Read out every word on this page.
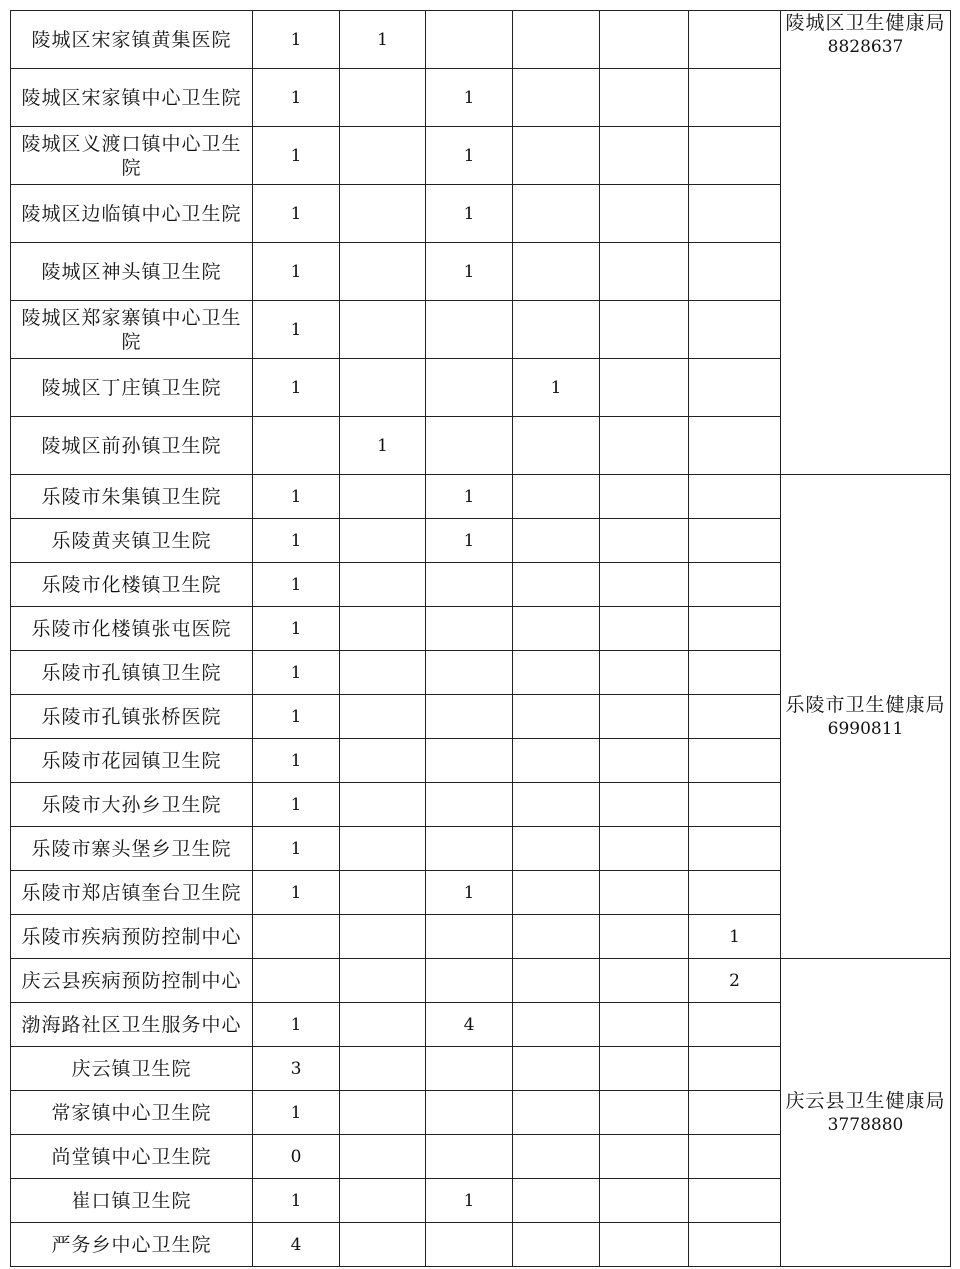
陵城区宋家镇黄集医院	1	1					陵城区卫生健康局
8828637

陵城区宋家镇中心卫生院	1		1				
陵城区义渡口镇中心卫生院	1		1				
陵城区边临镇中心卫生院	1		1				
陵城区神头镇卫生院	1		1				
陵城区郑家寨镇中心卫生院	1						
陵城区丁庄镇卫生院	1			1			
陵城区前孙镇卫生院		1					
乐陵市朱集镇卫生院	1		1				乐陵市卫生健康局
6990811

乐陵黄夹镇卫生院	1		1				
乐陵市化楼镇卫生院	1						
乐陵市化楼镇张屯医院	1						
乐陵市孔镇镇卫生院	1						
乐陵市孔镇张桥医院	1						
乐陵市花园镇卫生院	1						
乐陵市大孙乡卫生院	1						
乐陵市寨头堡乡卫生院	1						
乐陵市郑店镇奎台卫生院	1		1				
乐陵市疾病预防控制中心						1	
庆云县疾病预防控制中心						2	庆云县卫生健康局
3778880

渤海路社区卫生服务中心	1		4				
庆云镇卫生院	3						
常家镇中心卫生院	1						
尚堂镇中心卫生院	0						
崔口镇卫生院	1		1				
严务乡中心卫生院	4						
